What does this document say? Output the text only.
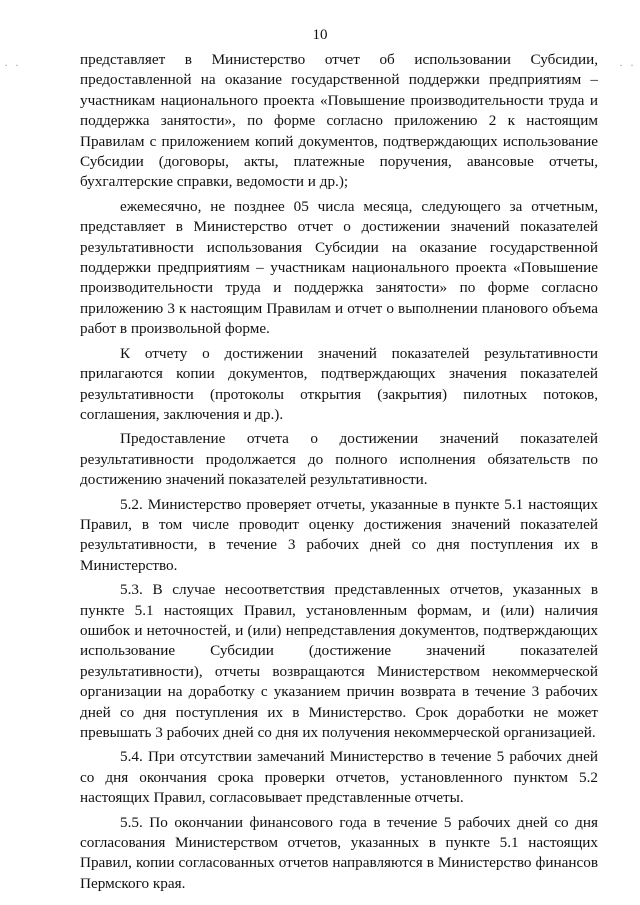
· ·	· ·
10

представляет в Министерство отчет об использовании Субсидии, предоставленной на оказание государственной поддержки предприятиям – участникам национального проекта «Повышение производительности труда и поддержка занятости», по форме согласно приложению 2 к настоящим Правилам с приложением копий документов, подтверждающих использование Субсидии (договоры, акты, платежные поручения, авансовые отчеты, бухгалтерские справки, ведомости и др.);

ежемесячно, не позднее 05 числа месяца, следующего за отчетным, представляет в Министерство отчет о достижении значений показателей результативности использования Субсидии на оказание государственной поддержки предприятиям – участникам национального проекта «Повышение производительности труда и поддержка занятости» по форме согласно приложению 3 к настоящим Правилам и отчет о выполнении планового объема работ в произвольной форме.

К отчету о достижении значений показателей результативности прилагаются копии документов, подтверждающих значения показателей результативности (протоколы открытия (закрытия) пилотных потоков, соглашения, заключения и др.).

Предоставление отчета о достижении значений показателей результативности продолжается до полного исполнения обязательств по достижению значений показателей результативности.

5.2. Министерство проверяет отчеты, указанные в пункте 5.1 настоящих Правил, в том числе проводит оценку достижения значений показателей результативности, в течение 3 рабочих дней со дня поступления их в Министерство.

5.3. В случае несоответствия представленных отчетов, указанных в пункте 5.1 настоящих Правил, установленным формам, и (или) наличия ошибок и неточностей, и (или) непредставления документов, подтверждающих использование Субсидии (достижение значений показателей результативности), отчеты возвращаются Министерством некоммерческой организации на доработку с указанием причин возврата в течение 3 рабочих дней со дня поступления их в Министерство. Срок доработки не может превышать 3 рабочих дней со дня их получения некоммерческой организацией.

5.4. При отсутствии замечаний Министерство в течение 5 рабочих дней со дня окончания срока проверки отчетов, установленного пунктом 5.2 настоящих Правил, согласовывает представленные отчеты.

5.5. По окончании финансового года в течение 5 рабочих дней со дня согласования Министерством отчетов, указанных в пункте 5.1 настоящих Правил, копии согласованных отчетов направляются в Министерство финансов Пермского края.
